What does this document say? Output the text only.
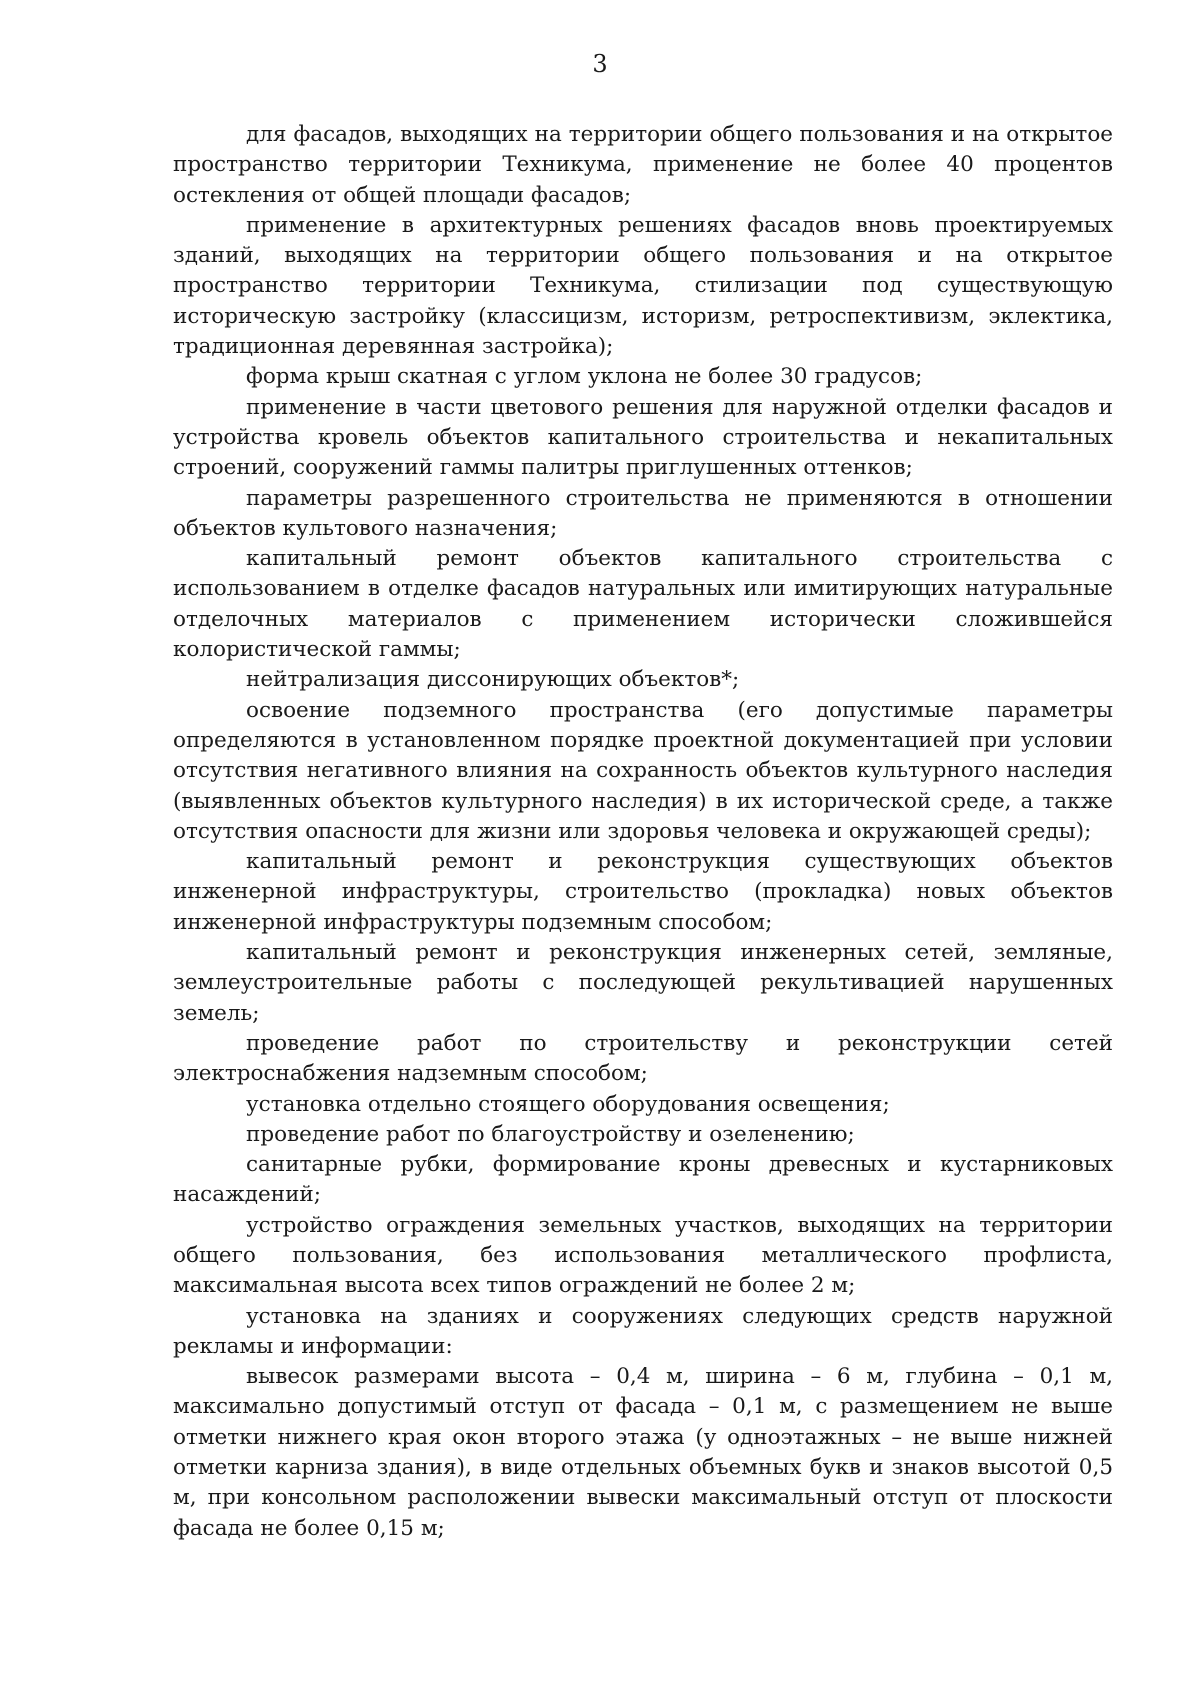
3

для фасадов, выходящих на территории общего пользования и на открытое пространство территории Техникума, применение не более 40 процентов остекления от общей площади фасадов;

применение в архитектурных решениях фасадов вновь проектируемых зданий, выходящих на территории общего пользования и на открытое пространство территории Техникума, стилизации под существующую историческую застройку (классицизм, историзм, ретроспективизм, эклектика, традиционная деревянная застройка);

форма крыш скатная с углом уклона не более 30 градусов;

применение в части цветового решения для наружной отделки фасадов и устройства кровель объектов капитального строительства и некапитальных строений, сооружений гаммы палитры приглушенных оттенков;

параметры разрешенного строительства не применяются в отношении объектов культового назначения;

капитальный ремонт объектов капитального строительства с использованием в отделке фасадов натуральных или имитирующих натуральные отделочных материалов с применением исторически сложившейся колористической гаммы;

нейтрализация диссонирующих объектов*;

освоение подземного пространства (его допустимые параметры определяются в установленном порядке проектной документацией при условии отсутствия негативного влияния на сохранность объектов культурного наследия (выявленных объектов культурного наследия) в их исторической среде, а также отсутствия опасности для жизни или здоровья человека и окружающей среды);

капитальный ремонт и реконструкция существующих объектов инженерной инфраструктуры, строительство (прокладка) новых объектов инженерной инфраструктуры подземным способом;

капитальный ремонт и реконструкция инженерных сетей, земляные, землеустроительные работы с последующей рекультивацией нарушенных земель;

проведение работ по строительству и реконструкции сетей электроснабжения надземным способом;

установка отдельно стоящего оборудования освещения;

проведение работ по благоустройству и озеленению;

санитарные рубки, формирование кроны древесных и кустарниковых насаждений;

устройство ограждения земельных участков, выходящих на территории общего пользования, без использования металлического профлиста, максимальная высота всех типов ограждений не более 2 м;

установка на зданиях и сооружениях следующих средств наружной рекламы и информации:

вывесок размерами высота – 0,4 м, ширина – 6 м, глубина – 0,1 м, максимально допустимый отступ от фасада – 0,1 м, с размещением не выше отметки нижнего края окон второго этажа (у одноэтажных – не выше нижней отметки карниза здания), в виде отдельных объемных букв и знаков высотой 0,5 м, при консольном расположении вывески максимальный отступ от плоскости фасада не более 0,15 м;
